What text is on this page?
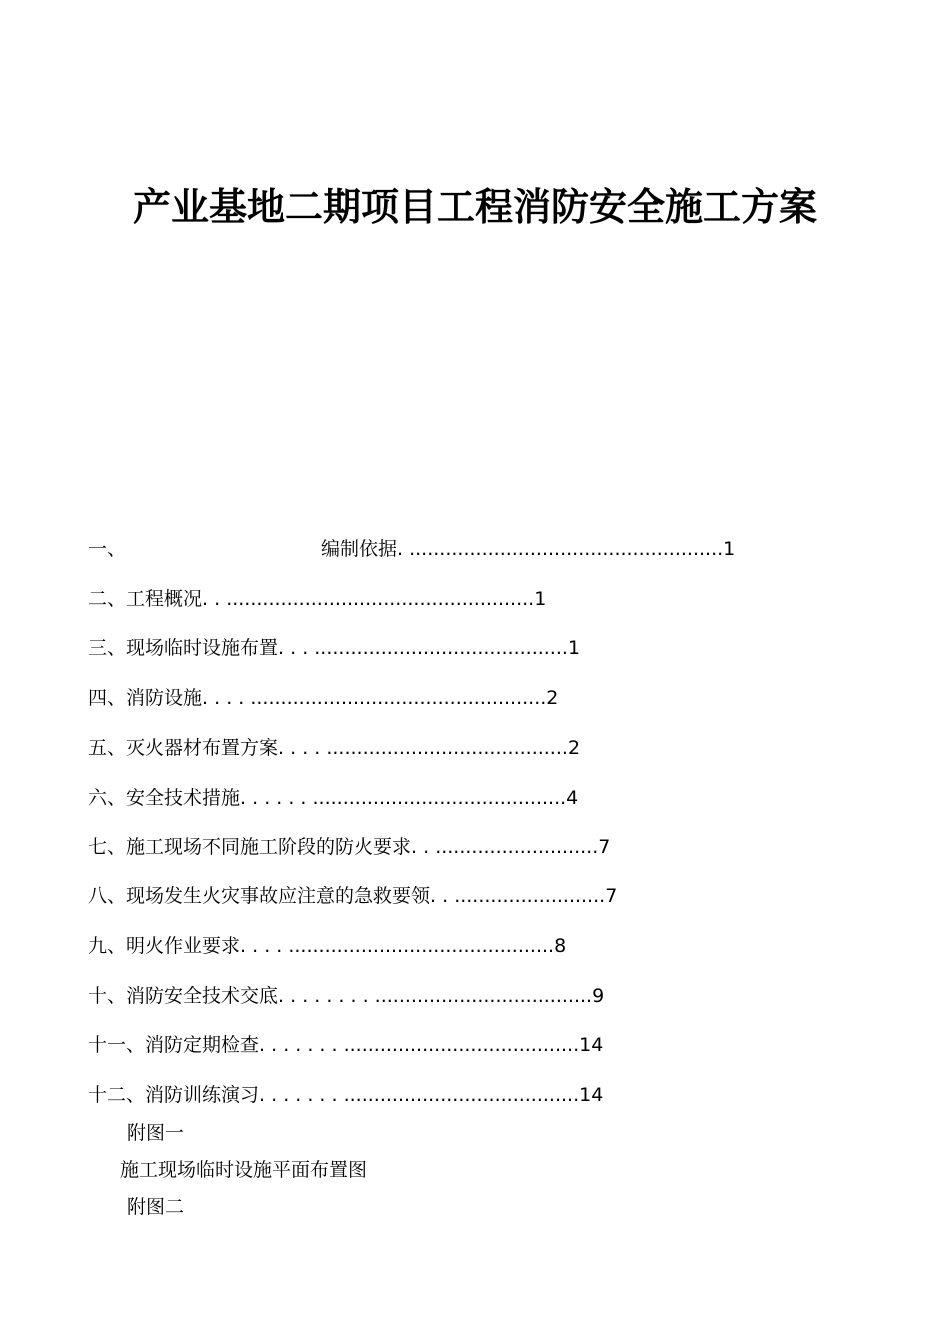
产业基地二期项目工程消防安全施工方案
一、	编制依据. ....................................................1
二、工程概况. . ...................................................1
三、现场临时设施布置. . . ..........................................1
四、消防设施. . . . .................................................2
五、灭火器材布置方案. . . . ........................................2
六、安全技术措施. . . . . . ..........................................4
七、施工现场不同施工阶段的防火要求. . ...........................7
八、现场发生火灾事故应注意的急救要领. . .........................7
九、明火作业要求. . . . ............................................8
十、消防安全技术交底. . . . . . . . ....................................9
十一、消防定期检查. . . . . . . .......................................14
十二、消防训练演习. . . . . . . .......................................14
附图一
施工现场临时设施平面布置图
附图二
